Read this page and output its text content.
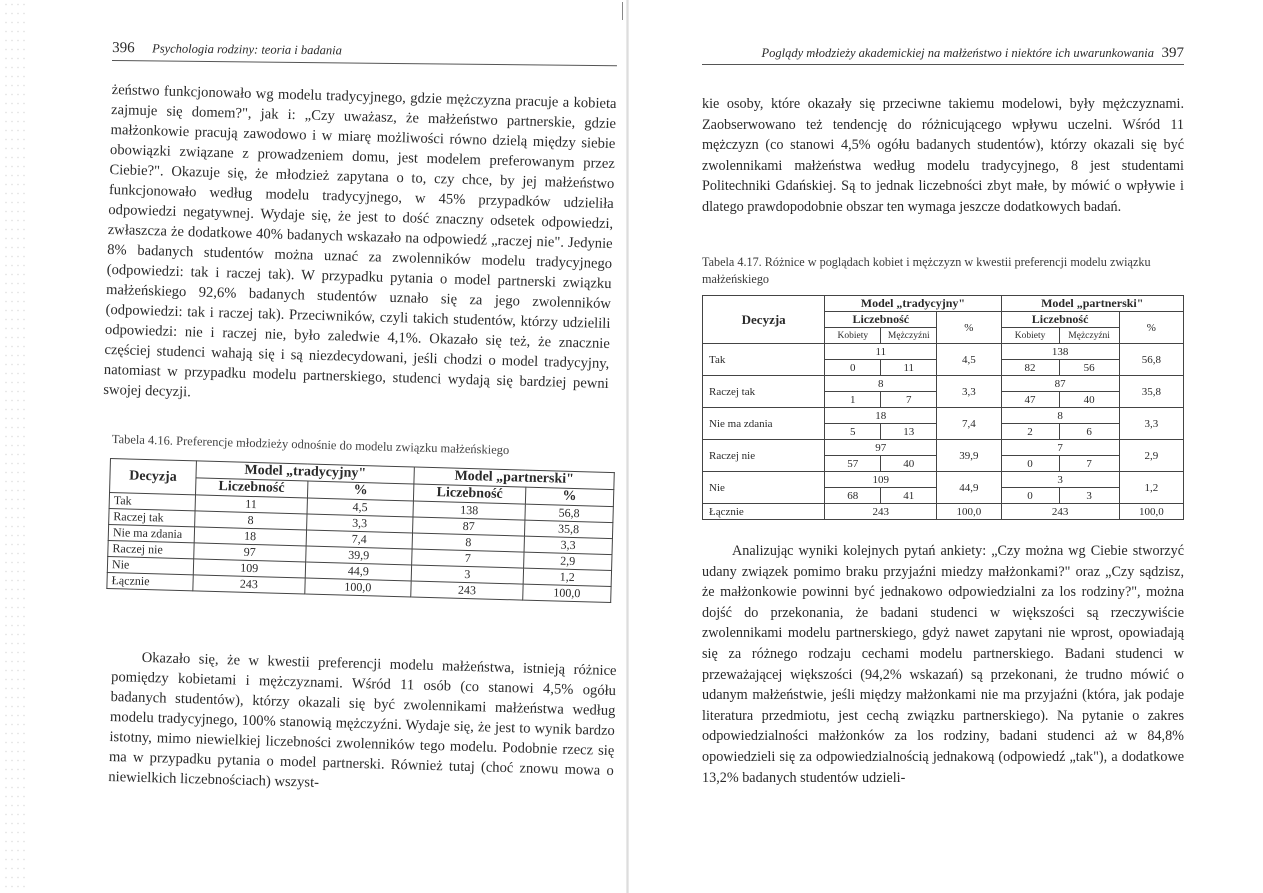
396 Psychologia rodziny: teoria i badania

żeństwo funkcjonowało wg modelu tradycyjnego, gdzie mężczyzna pracuje a kobieta zajmuje się domem?", jak i: „Czy uważasz, że małżeństwo partnerskie, gdzie małżonkowie pracują zawodowo i w miarę możliwości równo dzielą między siebie obowiązki związane z prowadzeniem domu, jest modelem preferowanym przez Ciebie?". Okazuje się, że młodzież zapytana o to, czy chce, by jej małżeństwo funkcjonowało według modelu tradycyjnego, w 45% przypadków udzieliła odpowiedzi negatywnej. Wydaje się, że jest to dość znaczny odsetek odpowiedzi, zwłaszcza że dodatkowe 40% badanych wskazało na odpowiedź „raczej nie". Jedynie 8% badanych studentów można uznać za zwolenników modelu tradycyjnego (odpowiedzi: tak i raczej tak). W przypadku pytania o model partnerski związku małżeńskiego 92,6% badanych studentów uznało się za jego zwolenników (odpowiedzi: tak i raczej tak). Przeciwników, czyli takich studentów, którzy udzielili odpowiedzi: nie i raczej nie, było zaledwie 4,1%. Okazało się też, że znacznie częściej studenci wahają się i są niezdecydowani, jeśli chodzi o model tradycyjny, natomiast w przypadku modelu partnerskiego, studenci wydają się bardziej pewni swojej decyzji.

Tabela 4.16. Preferencje młodzieży odnośnie do modelu związku małżeńskiego
Decyzja	Model „tradycyjny"		Model „partnerski"	
	Liczebność	%	Liczebność	%
Tak	11	4,5	138	56,8
Raczej tak	8	3,3	87	35,8
Nie ma zdania	18	7,4	8	3,3
Raczej nie	97	39,9	7	2,9
Nie	109	44,9	3	1,2
Łącznie	243	100,0	243	100,0

Okazało się, że w kwestii preferencji modelu małżeństwa, istnieją różnice pomiędzy kobietami i mężczyznami. Wśród 11 osób (co stanowi 4,5% ogółu badanych studentów), którzy okazali się być zwolennikami małżeństwa według modelu tradycyjnego, 100% stanowią mężczyźni. Wydaje się, że jest to wynik bardzo istotny, mimo niewielkiej liczebności zwolenników tego modelu. Podobnie rzecz się ma w przypadku pytania o model partnerski. Również tutaj (choć znowu mowa o niewielkich liczebnościach) wszyst-

Poglądy młodzieży akademickiej na małżeństwo i niektóre ich uwarunkowania 397

kie osoby, które okazały się przeciwne takiemu modelowi, były mężczyznami. Zaobserwowano też tendencję do różnicującego wpływu uczelni. Wśród 11 mężczyzn (co stanowi 4,5% ogółu badanych studentów), którzy okazali się być zwolennikami małżeństwa według modelu tradycyjnego, 8 jest studentami Politechniki Gdańskiej. Są to jednak liczebności zbyt małe, by mówić o wpływie i dlatego prawdopodobnie obszar ten wymaga jeszcze dodatkowych badań.

Tabela 4.17. Różnice w poglądach kobiet i mężczyzn w kwestii preferencji modelu związku małżeńskiego
Decyzja	Model „tradycyjny"			Model „partnerski"		
	Liczebność		%	Liczebność		%
	Kobiety	Mężczyźni		Kobiety	Mężczyźni	
Tak	11		4,5	138		56,8
	0	11		82	56	
Raczej tak	8		3,3	87		35,8
	1	7		47	40	
Nie ma zdania	18		7,4	8		3,3
	5	13		2	6	
Raczej nie	97		39,9	7		2,9
	57	40		0	7	
Nie	109		44,9	3		1,2
	68	41		0	3	
Łącznie	243		100,0	243		100,0

Analizując wyniki kolejnych pytań ankiety: „Czy można wg Ciebie stworzyć udany związek pomimo braku przyjaźni miedzy małżonkami?" oraz „Czy sądzisz, że małżonkowie powinni być jednakowo odpowiedzialni za los rodziny?", można dojść do przekonania, że badani studenci w większości są rzeczywiście zwolennikami modelu partnerskiego, gdyż nawet zapytani nie wprost, opowiadają się za różnego rodzaju cechami modelu partnerskiego. Badani studenci w przeważającej większości (94,2% wskazań) są przekonani, że trudno mówić o udanym małżeństwie, jeśli między małżonkami nie ma przyjaźni (która, jak podaje literatura przedmiotu, jest cechą związku partnerskiego). Na pytanie o zakres odpowiedzialności małżonków za los rodziny, badani studenci aż w 84,8% opowiedzieli się za odpowiedzialnością jednakową (odpowiedź „tak"), a dodatkowe 13,2% badanych studentów udzieli-
